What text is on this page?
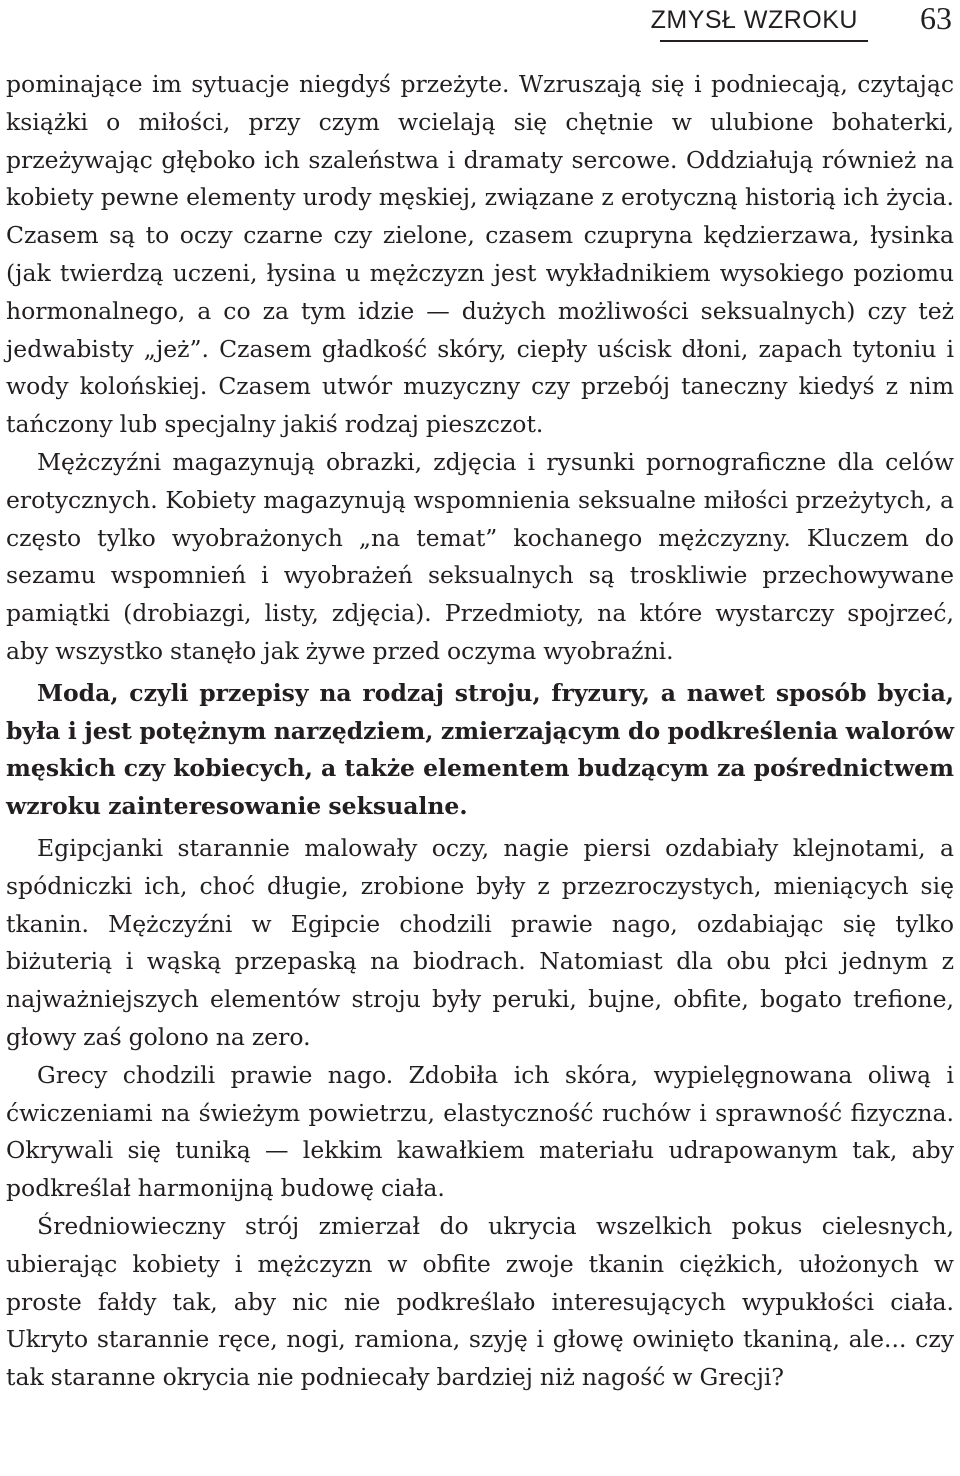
ZMYSŁ WZROKU 63

pominające im sytuacje niegdyś przeżyte. Wzruszają się i podniecają, czytając książki o miłości, przy czym wcielają się chętnie w ulubione bohaterki, przeżywając głęboko ich szaleństwa i dramaty sercowe. Oddziałują również na kobiety pewne elementy urody męskiej, związane z erotyczną historią ich życia. Czasem są to oczy czarne czy zielone, czasem czupryna kędzierzawa, łysinka (jak twierdzą uczeni, łysina u mężczyzn jest wykładnikiem wysokiego poziomu hormonalnego, a co za tym idzie — dużych możliwości seksualnych) czy też jedwabisty „jeż”. Czasem gładkość skóry, ciepły uścisk dłoni, zapach tytoniu i wody kolońskiej. Czasem utwór muzyczny czy przebój taneczny kiedyś z nim tańczony lub specjalny jakiś rodzaj pieszczot.

Mężczyźni magazynują obrazki, zdjęcia i rysunki pornograficzne dla celów erotycznych. Kobiety magazynują wspomnienia seksualne miłości przeżytych, a często tylko wyobrażonych „na temat” kochanego mężczyzny. Kluczem do sezamu wspomnień i wyobrażeń seksualnych są troskliwie przechowywane pamiątki (drobiazgi, listy, zdjęcia). Przedmioty, na które wystarczy spojrzeć, aby wszystko stanęło jak żywe przed oczyma wyobraźni.

Moda, czyli przepisy na rodzaj stroju, fryzury, a nawet sposób bycia, była i jest potężnym narzędziem, zmierzającym do podkreślenia walorów męskich czy kobiecych, a także elementem budzącym za pośrednictwem wzroku zainteresowanie seksualne.

Egipcjanki starannie malowały oczy, nagie piersi ozdabiały klejnotami, a spódniczki ich, choć długie, zrobione były z przezroczystych, mieniących się tkanin. Mężczyźni w Egipcie chodzili prawie nago, ozdabiając się tylko biżuterią i wąską przepaską na biodrach. Natomiast dla obu płci jednym z najważniejszych elementów stroju były peruki, bujne, obfite, bogato trefione, głowy zaś golono na zero.

Grecy chodzili prawie nago. Zdobiła ich skóra, wypielęgnowana oliwą i ćwiczeniami na świeżym powietrzu, elastyczność ruchów i sprawność fizyczna. Okrywali się tuniką — lekkim kawałkiem materiału udrapowanym tak, aby podkreślał harmonijną budowę ciała.

Średniowieczny strój zmierzał do ukrycia wszelkich pokus cielesnych, ubierając kobiety i mężczyzn w obfite zwoje tkanin ciężkich, ułożonych w proste fałdy tak, aby nic nie podkreślało interesujących wypukłości ciała. Ukryto starannie ręce, nogi, ramiona, szyję i głowę owinięto tkaniną, ale... czy tak staranne okrycia nie podniecały bardziej niż nagość w Grecji?
